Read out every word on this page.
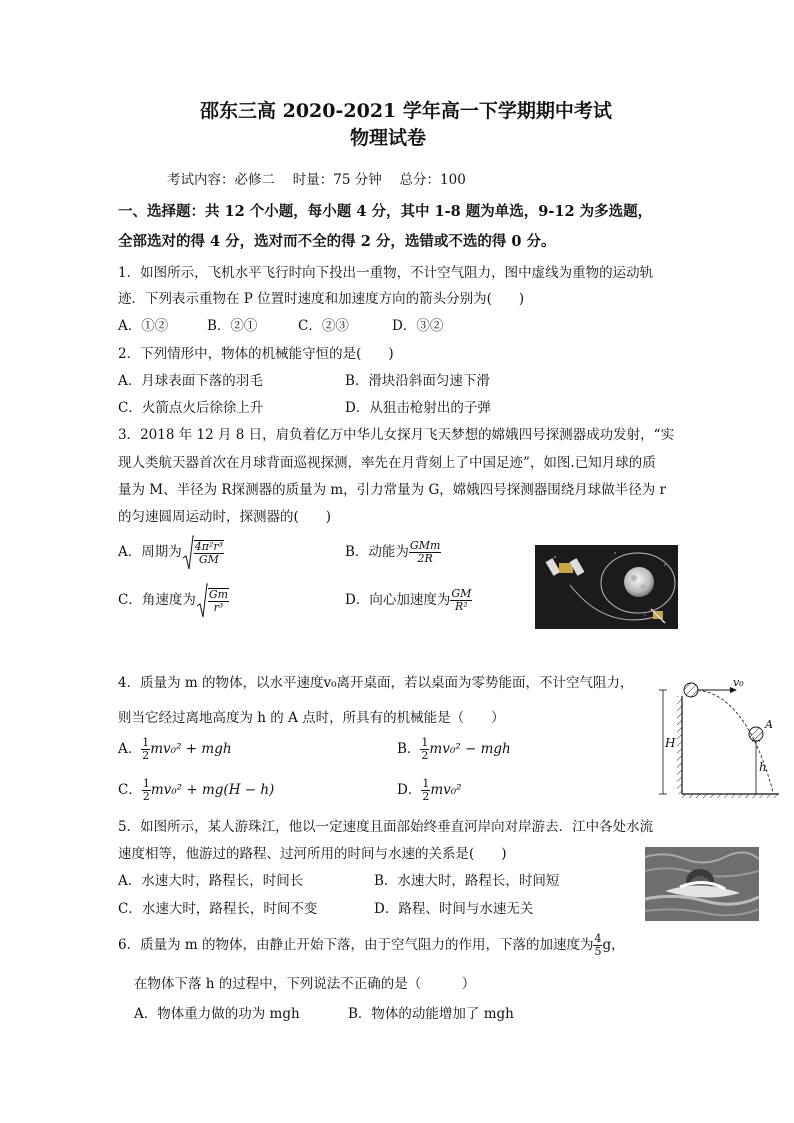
邵东三高 2020-2021 学年高一下学期期中考试
物理试卷
考试内容：必修二　 时量：75 分钟　 总分：100
一、选择题：共 12 个小题，每小题 4 分，其中 1-8 题为单选，9-12 为多选题，
全部选对的得 4 分，选对而不全的得 2 分，选错或不选的得 0 分。
1．如图所示，飞机水平飞行时向下投出一重物，不计空气阻力，图中虚线为重物的运动轨
迹．下列表示重物在 P 位置时速度和加速度方向的箭头分别为(　　)
A．①②	B．②①	C．②③	D．③②
2．下列情形中，物体的机械能守恒的是(　　)
A．月球表面下落的羽毛	B．滑块沿斜面匀速下滑
C．火箭点火后徐徐上升	D．从狙击枪射出的子弹
3．2018 年 12 月 8 日，肩负着亿万中华儿女探月飞天梦想的嫦娥四号探测器成功发射，“实
现人类航天器首次在月球背面巡视探测，率先在月背刻上了中国足迹”，如图.已知月球的质
量为 M、半径为 R探测器的质量为 m，引力常量为 G，嫦娥四号探测器围绕月球做半径为 r
的匀速圆周运动时，探测器的(　　)
A．周期为 $\frac{\text{4π²r³}}{GM}$	B．动能为 $\frac{\text{GMm}}{2R}$
C．角速度为 $\frac{Gm}{\text{r³}}$	D．向心加速度为 $\frac{GM}{\text{R²}}$
4．质量为 m 的物体，以水平速度v₀离开桌面，若以桌面为零势能面，不计空气阻力，
则当它经过离地高度为 h 的 A 点时，所具有的机械能是（　　）
A． $\frac{1}{2} mv_0^2$ + mgh	B． $\frac{1}{2} mv_0^2$ − mgh
C． $\frac{1}{2} mv_0^2 + mg(H - h)$	D． $\frac{1}{2} mv_0^2$
v₀
A
H
h
5．如图所示，某人游珠江，他以一定速度且面部始终垂直河岸向对岸游去．江中各处水流
速度相等，他游过的路程、过河所用的时间与水速的关系是(　　)
A．水速大时，路程长，时间长	B．水速大时，路程长，时间短
C．水速大时，路程长，时间不变	D．路程、时间与水速无关
6．质量为 m 的物体，由静止开始下落，由于空气阻力的作用，下落的加速度为 $\frac{4}{5}$ g，
在物体下落 h 的过程中，下列说法不正确的是（　　　）
A．物体重力做的功为 mgh	B．物体的动能增加了 mgh
